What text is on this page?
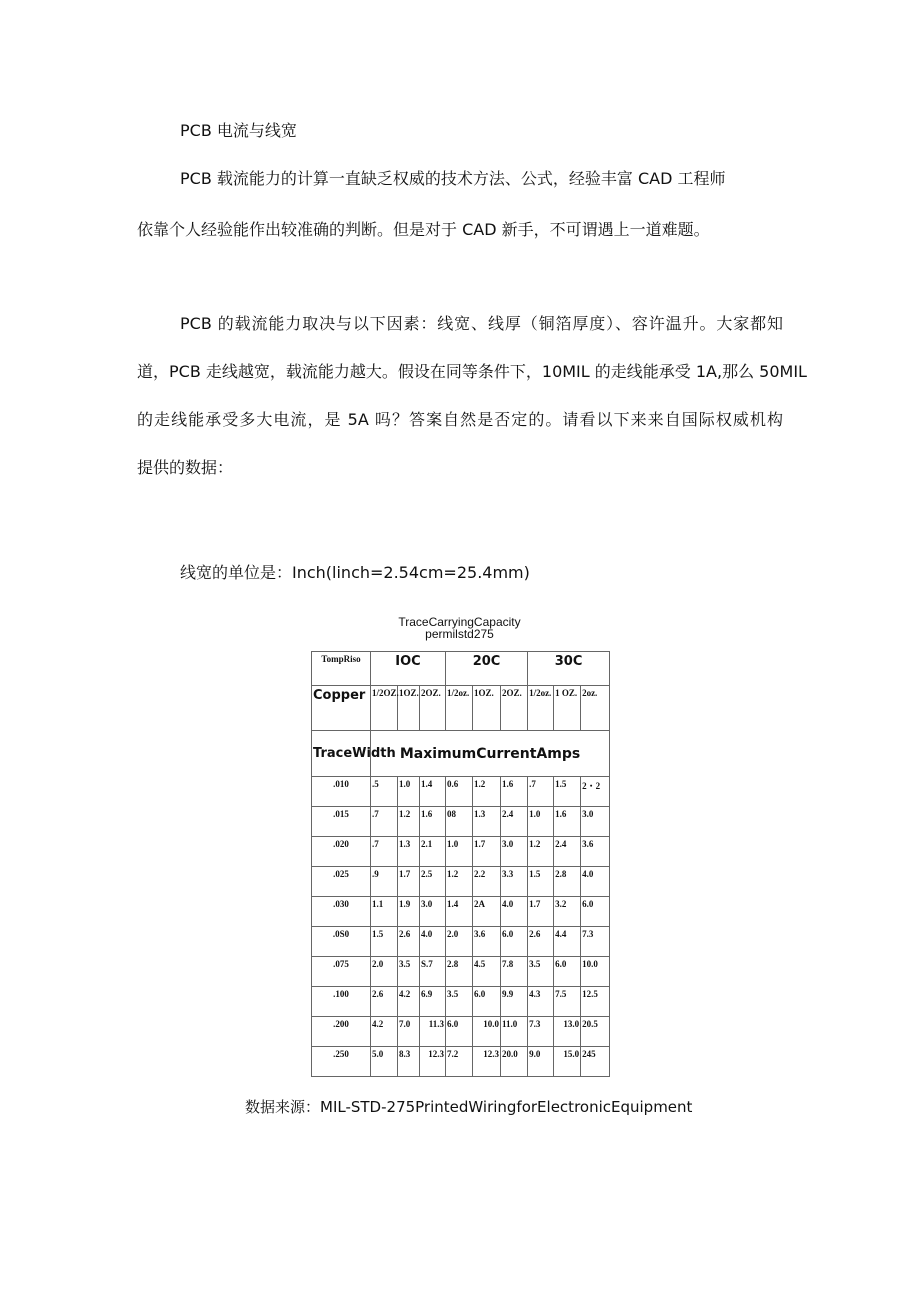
PCB 电流与线宽
PCB 载流能力的计算一直缺乏权威的技术方法、公式，经验丰富 CAD 工程师
依靠个人经验能作出较准确的判断。但是对于 CAD 新手，不可谓遇上一道难题。
PCB 的载流能力取决与以下因素：线宽、线厚（铜箔厚度）、容许温升。大家都知
道，PCB 走线越宽，载流能力越大。假设在同等条件下，10MIL 的走线能承受 1A,那么 50MIL
的走线能承受多大电流，是 5A 吗？答案自然是否定的。请看以下来来自国际权威机构
提供的数据：
线宽的单位是：Inch(linch=2.54cm=25.4mm)
TraceCarryingCapacity
permilstd275
TompRiso	IOC			20C			30C		
Copper	1/2OZ.	1OZ.	2OZ.	1/2oz.	1OZ.	2OZ.	1/2oz.	1 OZ.	2oz.
TraceWidth	MaximumCurrentAmps								
.010	.5	1.0	1.4	0.6	1.2	1.6	.7	1.5	2・2
.015	.7	1.2	1.6	08	1.3	2.4	1.0	1.6	3.0
.020	.7	1.3	2.1	1.0	1.7	3.0	1.2	2.4	3.6
.025	.9	1.7	2.5	1.2	2.2	3.3	1.5	2.8	4.0
.030	1.1	1.9	3.0	1.4	2A	4.0	1.7	3.2	6.0
.0S0	1.5	2.6	4.0	2.0	3.6	6.0	2.6	4.4	7.3
.075	2.0	3.5	S.7	2.8	4.5	7.8	3.5	6.0	10.0
.100	2.6	4.2	6.9	3.5	6.0	9.9	4.3	7.5	12.5
.200	4.2	7.0	11.3	6.0	10.0	11.0	7.3	13.0	20.5
.250	5.0	8.3	12.3	7.2	12.3	20.0	9.0	15.0	245
数据来源：MIL-STD-275PrintedWiringforElectronicEquipment
